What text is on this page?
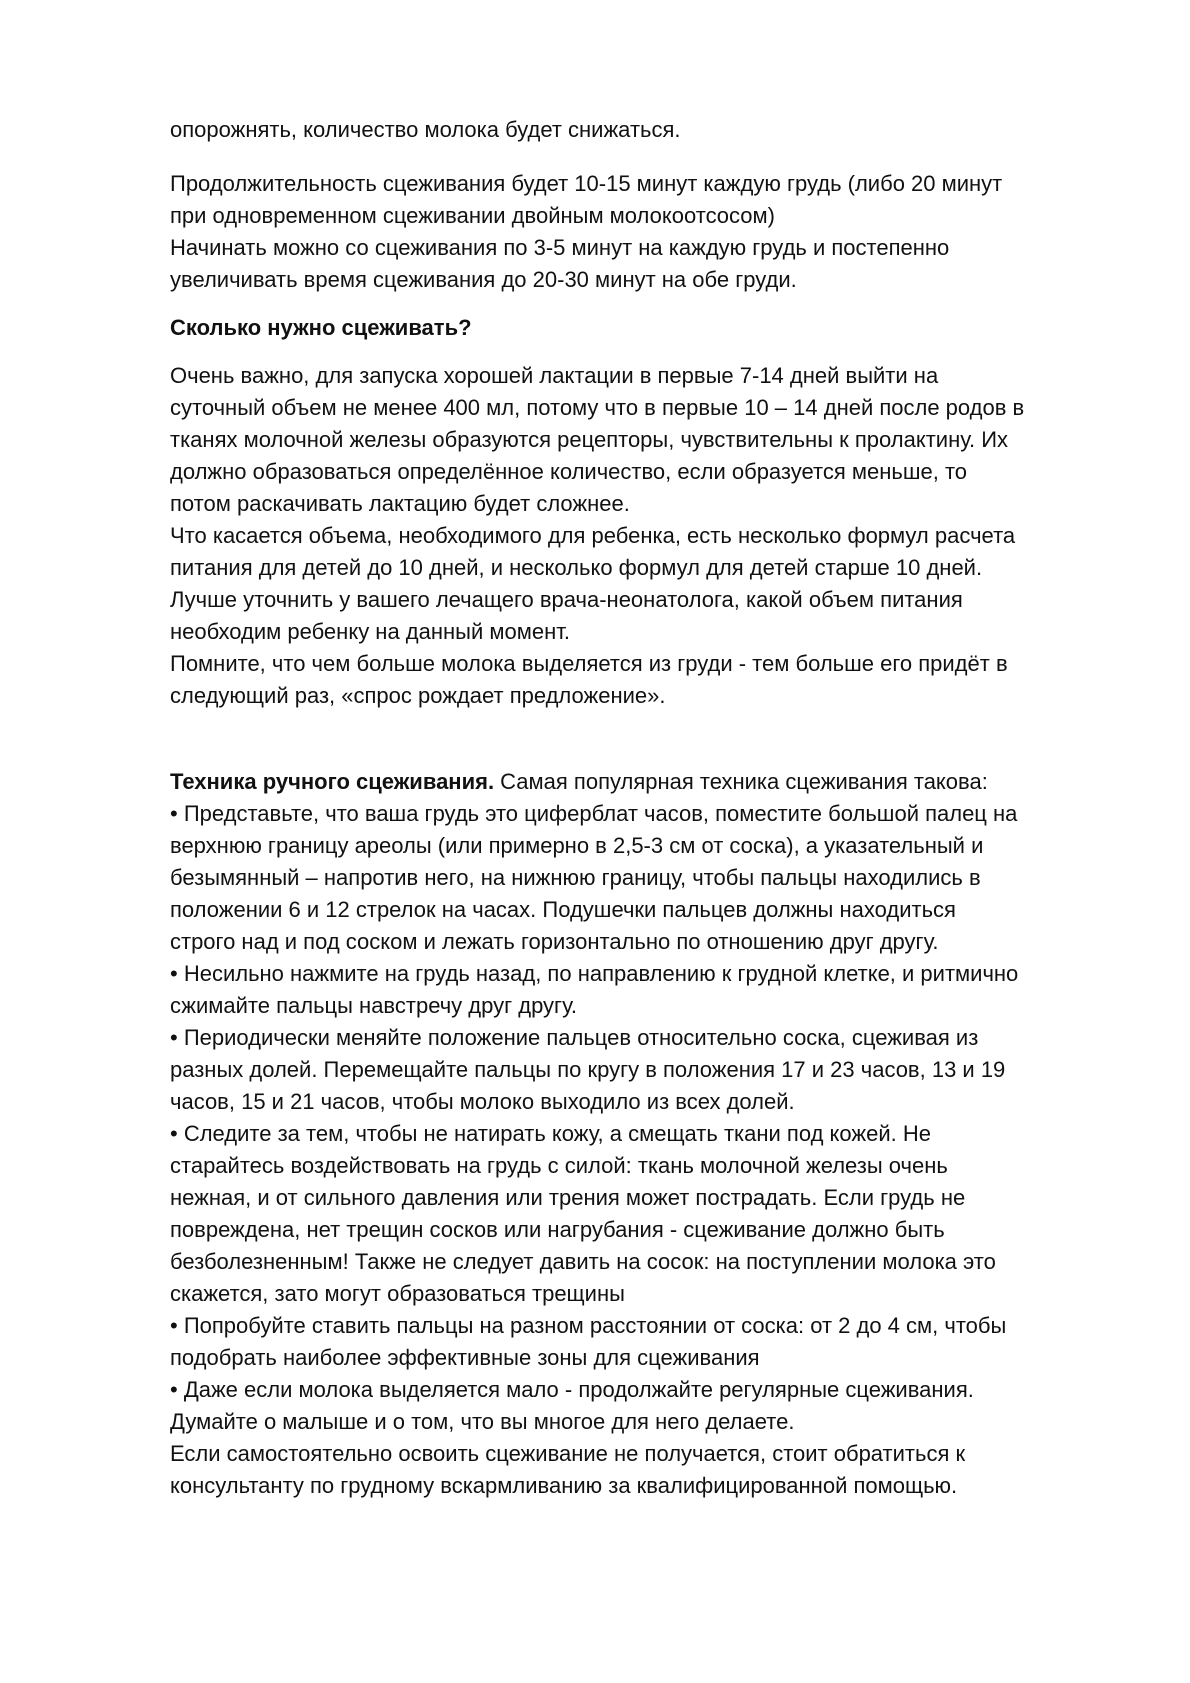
опорожнять, количество молока будет снижаться.

Продолжительность сцеживания будет 10-15 минут каждую грудь (либо 20 минут
при одновременном сцеживании двойным молокоотсосом)
Начинать можно со сцеживания по 3-5 минут на каждую грудь и постепенно
увеличивать время сцеживания до 20-30 минут на обе груди.

Сколько нужно сцеживать?

Очень важно, для запуска хорошей лактации в первые 7-14 дней выйти на
суточный объем не менее 400 мл, потому что в первые 10 – 14 дней после родов в
тканях молочной железы образуются рецепторы, чувствительны к пролактину. Их
должно образоваться определённое количество, если образуется меньше, то
потом раскачивать лактацию будет сложнее.
Что касается объема, необходимого для ребенка, есть несколько формул расчета
питания для детей до 10 дней, и несколько формул для детей старше 10 дней.
Лучше уточнить у вашего лечащего врача-неонатолога, какой объем питания
необходим ребенку на данный момент.
Помните, что чем больше молока выделяется из груди - тем больше его придёт в
следующий раз, «спрос рождает предложение».

Техника ручного сцеживания. Самая популярная техника сцеживания такова:

• Представьте, что ваша грудь это циферблат часов, поместите большой палец на
верхнюю границу ареолы (или примерно в 2,5-3 см от соска), а указательный и
безымянный – напротив него, на нижнюю границу, чтобы пальцы находились в
положении 6 и 12 стрелок на часах. Подушечки пальцев должны находиться
строго над и под соском и лежать горизонтально по отношению друг другу.
• Несильно нажмите на грудь назад, по направлению к грудной клетке, и ритмично
сжимайте пальцы навстречу друг другу.
• Периодически меняйте положение пальцев относительно соска, сцеживая из
разных долей. Перемещайте пальцы по кругу в положения 17 и 23 часов, 13 и 19
часов, 15 и 21 часов, чтобы молоко выходило из всех долей.
• Следите за тем, чтобы не натирать кожу, а смещать ткани под кожей. Не
старайтесь воздействовать на грудь с силой: ткань молочной железы очень
нежная, и от сильного давления или трения может пострадать. Если грудь не
повреждена, нет трещин сосков или нагрубания - сцеживание должно быть
безболезненным! Также не следует давить на сосок: на поступлении молока это
скажется, зато могут образоваться трещины
• Попробуйте ставить пальцы на разном расстоянии от соска: от 2 до 4 см, чтобы
подобрать наиболее эффективные зоны для сцеживания
• Даже если молока выделяется мало - продолжайте регулярные сцеживания.
Думайте о малыше и о том, что вы многое для него делаете.
Если самостоятельно освоить сцеживание не получается, стоит обратиться к
консультанту по грудному вскармливанию за квалифицированной помощью.
